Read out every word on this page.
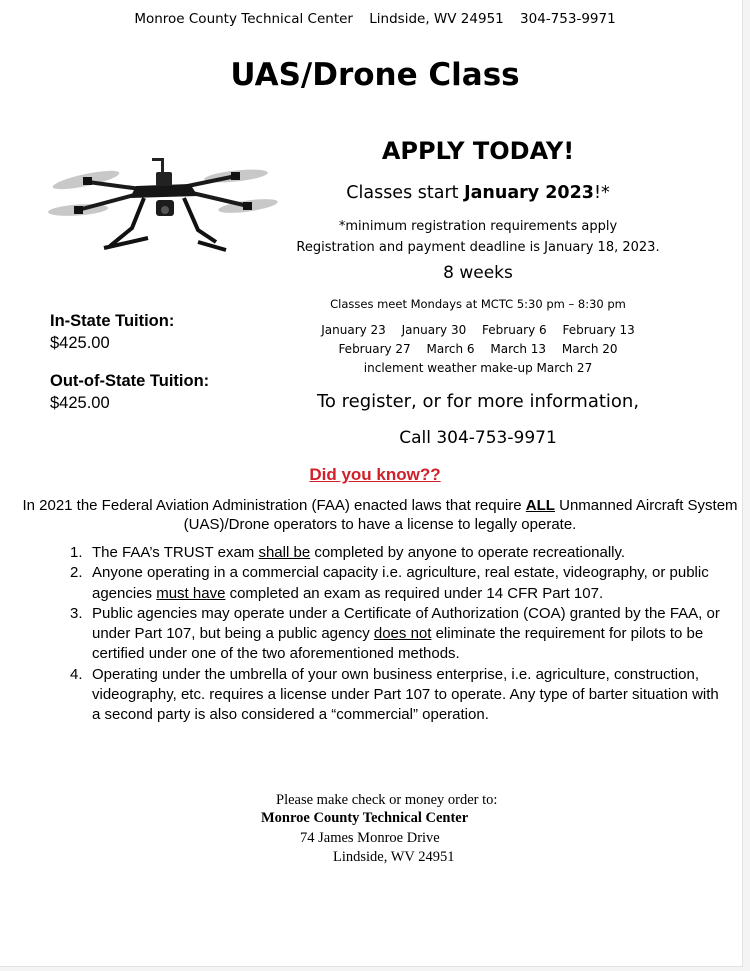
Monroe County Technical Center Lindside, WV 24951 304-753-9971
UAS/Drone Class
APPLY TODAY!
Classes start January 2023!*
*minimum registration requirements apply
Registration and payment deadline is January 18, 2023.
8 weeks
Classes meet Mondays at MCTC 5:30 pm – 8:30 pm
January 23 January 30 February 6 February 13
February 27 March 6 March 13 March 20
inclement weather make-up March 27
To register, or for more information,
Call 304-753-9971
In-State Tuition:
$425.00
Out-of-State Tuition:
$425.00
Did you know??
In 2021 the Federal Aviation Administration (FAA) enacted laws that require ALL Unmanned Aircraft System (UAS)/Drone operators to have a license to legally operate.
1. The FAA’s TRUST exam shall be completed by anyone to operate recreationally.
2. Anyone operating in a commercial capacity i.e. agriculture, real estate, videography, or public agencies must have completed an exam as required under 14 CFR Part 107.
3. Public agencies may operate under a Certificate of Authorization (COA) granted by the FAA, or under Part 107, but being a public agency does not eliminate the requirement for pilots to be certified under one of the two aforementioned methods.
4. Operating under the umbrella of your own business enterprise, i.e. agriculture, construction, videography, etc. requires a license under Part 107 to operate. Any type of barter situation with a second party is also considered a “commercial” operation.
Please make check or money order to:
Monroe County Technical Center
74 James Monroe Drive
Lindside, WV 24951
